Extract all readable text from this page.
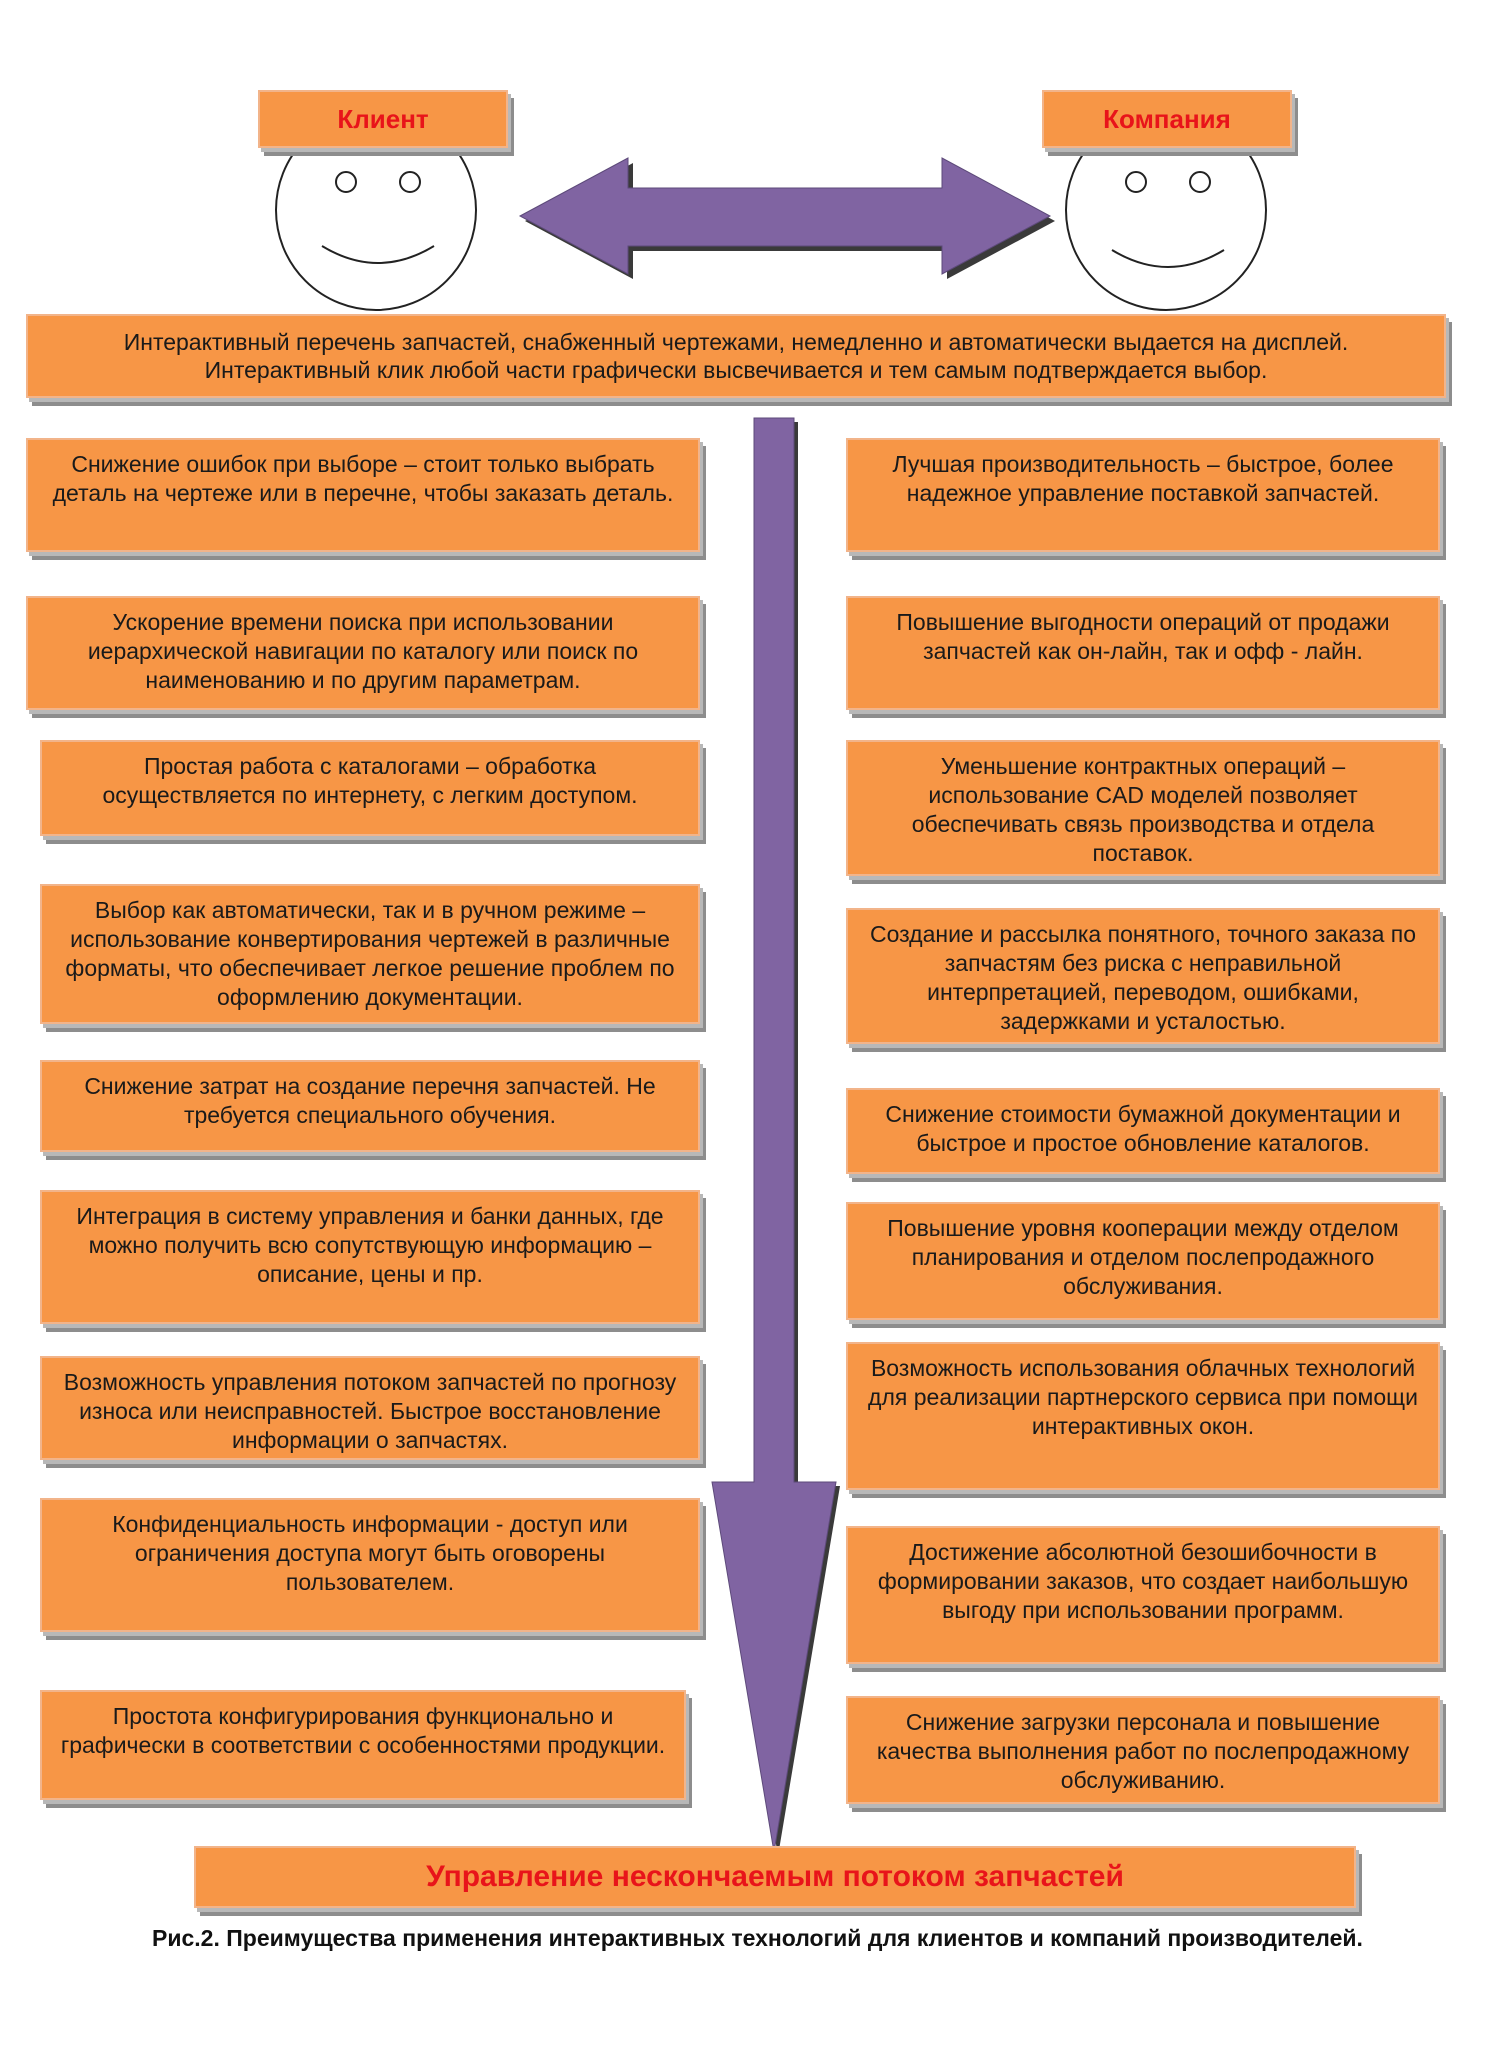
Клиент	Компания
Интерактивный перечень запчастей, снабженный чертежами, немедленно и автоматически выдается на дисплей.
Интерактивный клик любой части графически высвечивается и тем самым подтверждается выбор.
Снижение ошибок при выборе – стоит только выбрать деталь на чертеже или в перечне, чтобы заказать деталь.
Ускорение времени поиска при использовании иерархической навигации по каталогу или поиск по наименованию и по другим параметрам.
Простая работа с каталогами – обработка осуществляется по интернету, с легким доступом.
Выбор как автоматически, так и в ручном режиме – использование конвертирования чертежей в различные форматы, что обеспечивает легкое решение проблем по оформлению документации.
Снижение затрат на создание перечня запчастей. Не требуется специального обучения.
Интеграция в систему управления и банки данных, где можно получить всю сопутствующую информацию – описание, цены и пр.
Возможность управления потоком запчастей по прогнозу износа или неисправностей. Быстрое восстановление информации о запчастях.
Конфиденциальность информации - доступ или ограничения доступа могут быть оговорены пользователем.
Простота конфигурирования функционально и графически в соответствии с особенностями продукции.
Лучшая производительность – быстрое, более надежное управление поставкой запчастей.
Повышение выгодности операций от продажи запчастей как он-лайн, так и офф - лайн.
Уменьшение контрактных операций – использование CAD моделей позволяет обеспечивать связь производства и отдела поставок.
Создание и рассылка понятного, точного заказа по запчастям без риска с неправильной интерпретацией, переводом, ошибками, задержками и усталостью.
Снижение стоимости бумажной документации и быстрое и простое обновление каталогов.
Повышение уровня кооперации между отделом планирования и отделом послепродажного обслуживания.
Возможность использования облачных технологий для реализации партнерского сервиса при помощи интерактивных окон.
Достижение абсолютной безошибочности в формировании заказов, что создает наибольшую выгоду при использовании программ.
Снижение загрузки персонала и повышение качества выполнения работ по послепродажному обслуживанию.
Управление нескончаемым потоком запчастей
Рис.2. Преимущества применения интерактивных технологий для клиентов и компаний производителей.
